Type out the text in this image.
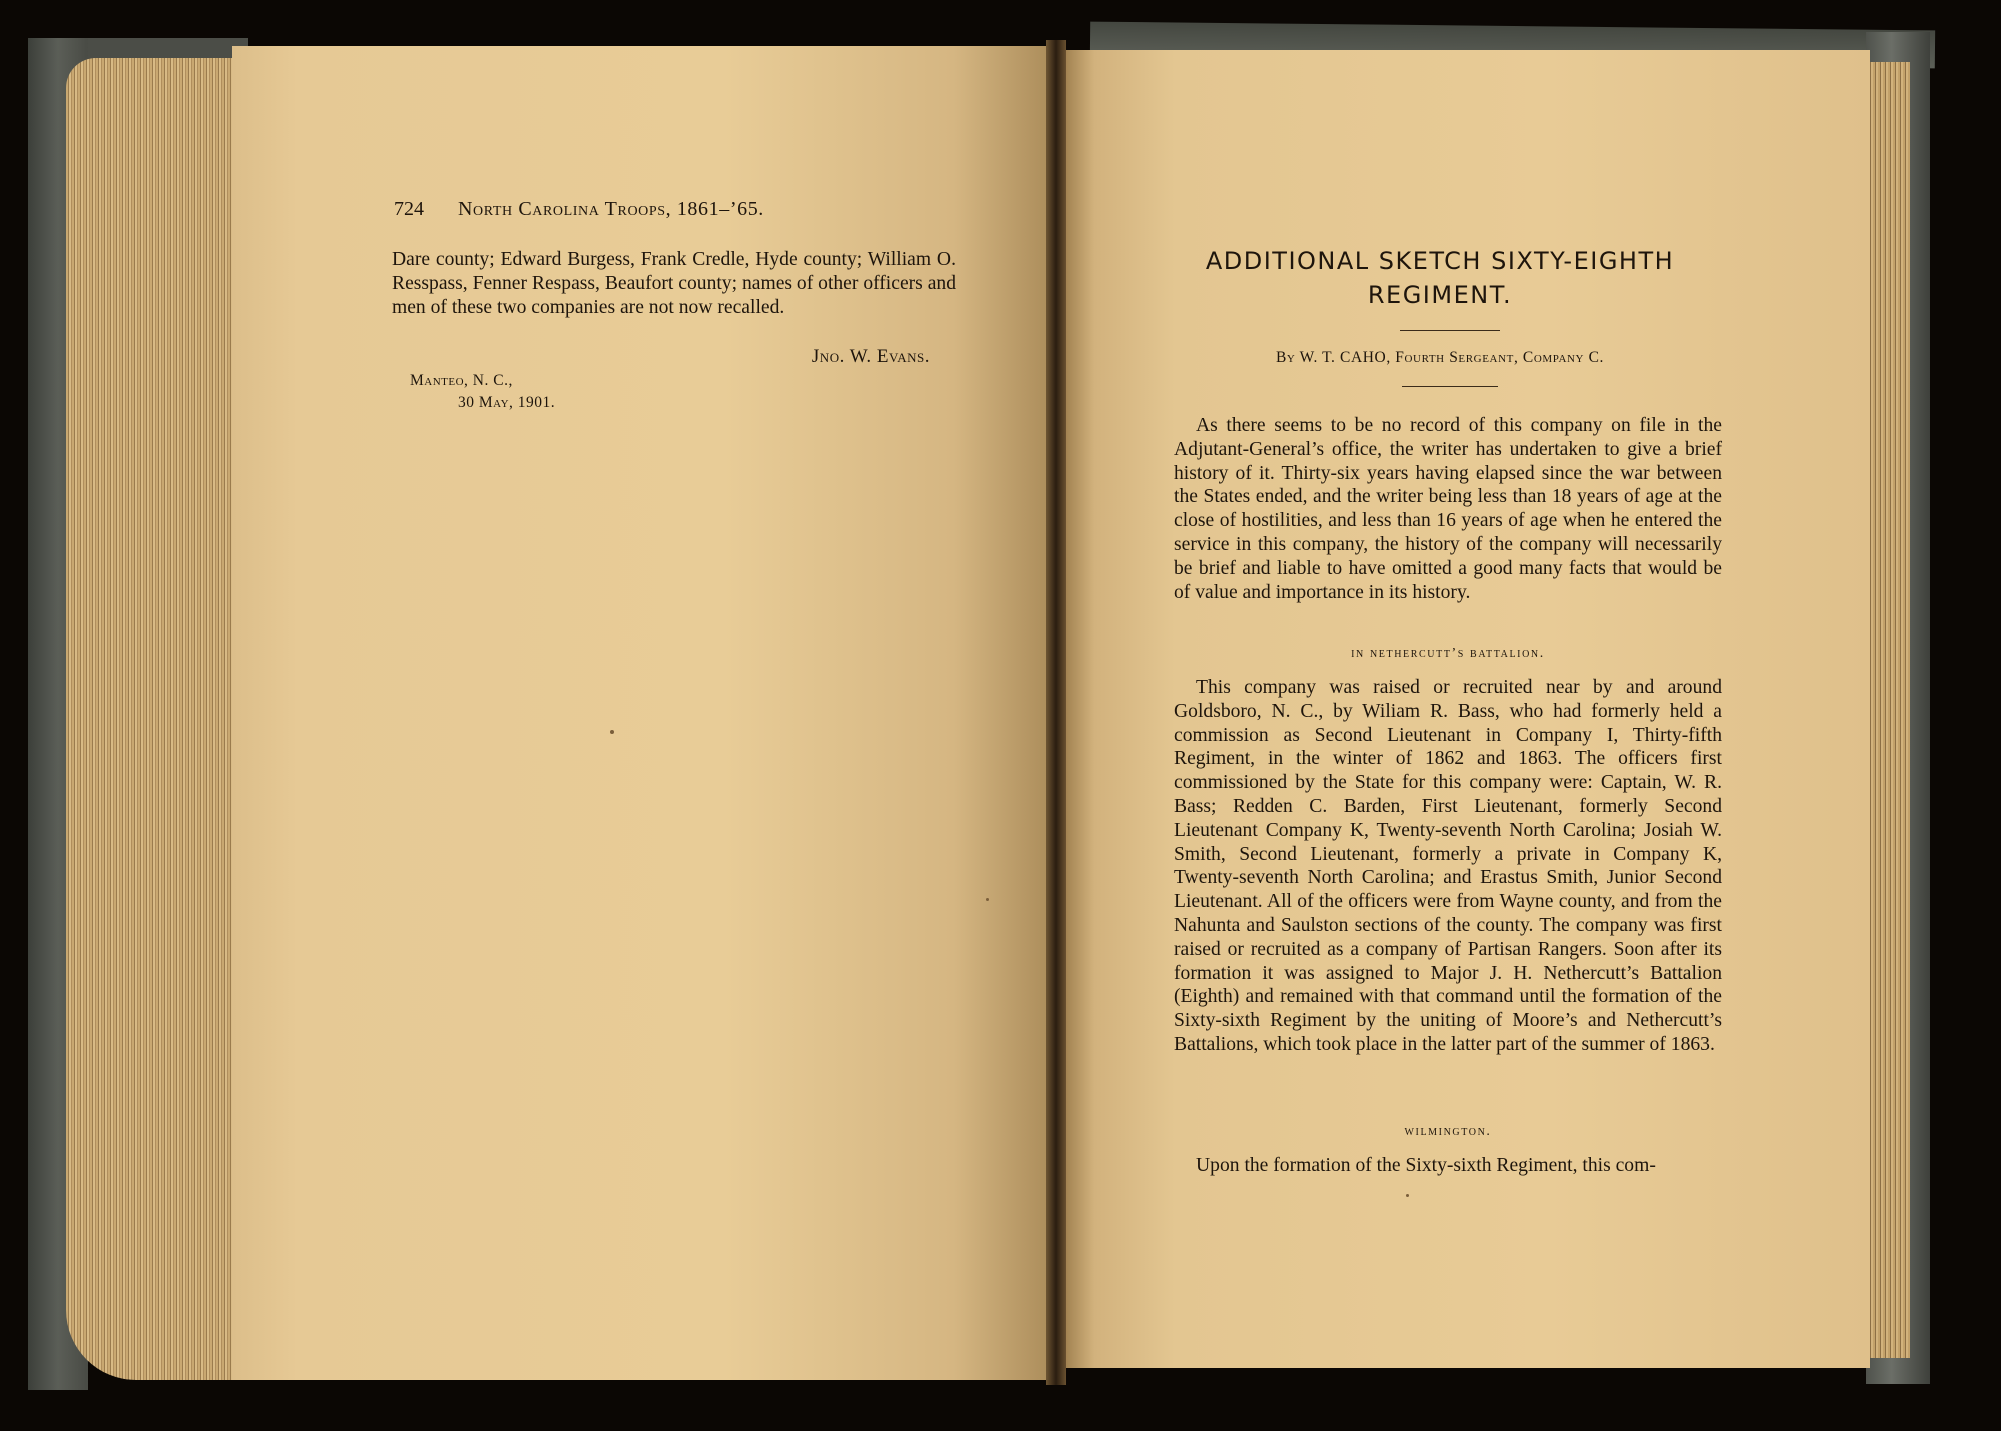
724	North Carolina Troops, 1861–’65.

Dare county; Edward Burgess, Frank Credle, Hyde county; William O. Resspass, Fenner Respass, Beaufort county; names of other officers and men of these two companies are not now recalled.

Jno. W. Evans.
Manteo, N. C.,
30 May, 1901.
ADDITIONAL SKETCH SIXTY-EIGHTH REGIMENT.
By W. T. CAHO, Fourth Sergeant, Company C.

As there seems to be no record of this company on file in the Adjutant-General’s office, the writer has undertaken to give a brief history of it. Thirty-six years having elapsed since the war between the States ended, and the writer being less than 18 years of age at the close of hostilities, and less than 16 years of age when he entered the service in this company, the history of the company will necessarily be brief and liable to have omitted a good many facts that would be of value and importance in its history.

in nethercutt’s battalion.

This company was raised or recruited near by and around Goldsboro, N. C., by Wiliam R. Bass, who had formerly held a commission as Second Lieutenant in Company I, Thirty-fifth Regiment, in the winter of 1862 and 1863. The officers first commissioned by the State for this company were: Captain, W. R. Bass; Redden C. Barden, First Lieutenant, formerly Second Lieutenant Company K, Twenty-seventh North Carolina; Josiah W. Smith, Second Lieutenant, formerly a private in Company K, Twenty-seventh North Carolina; and Erastus Smith, Junior Second Lieutenant. All of the officers were from Wayne county, and from the Nahunta and Saulston sections of the county. The company was first raised or recruited as a company of Partisan Rangers. Soon after its formation it was assigned to Major J. H. Nethercutt’s Battalion (Eighth) and remained with that command until the formation of the Sixty-sixth Regiment by the uniting of Moore’s and Nethercutt’s Battalions, which took place in the latter part of the summer of 1863.

wilmington.

Upon the formation of the Sixty-sixth Regiment, this com-
